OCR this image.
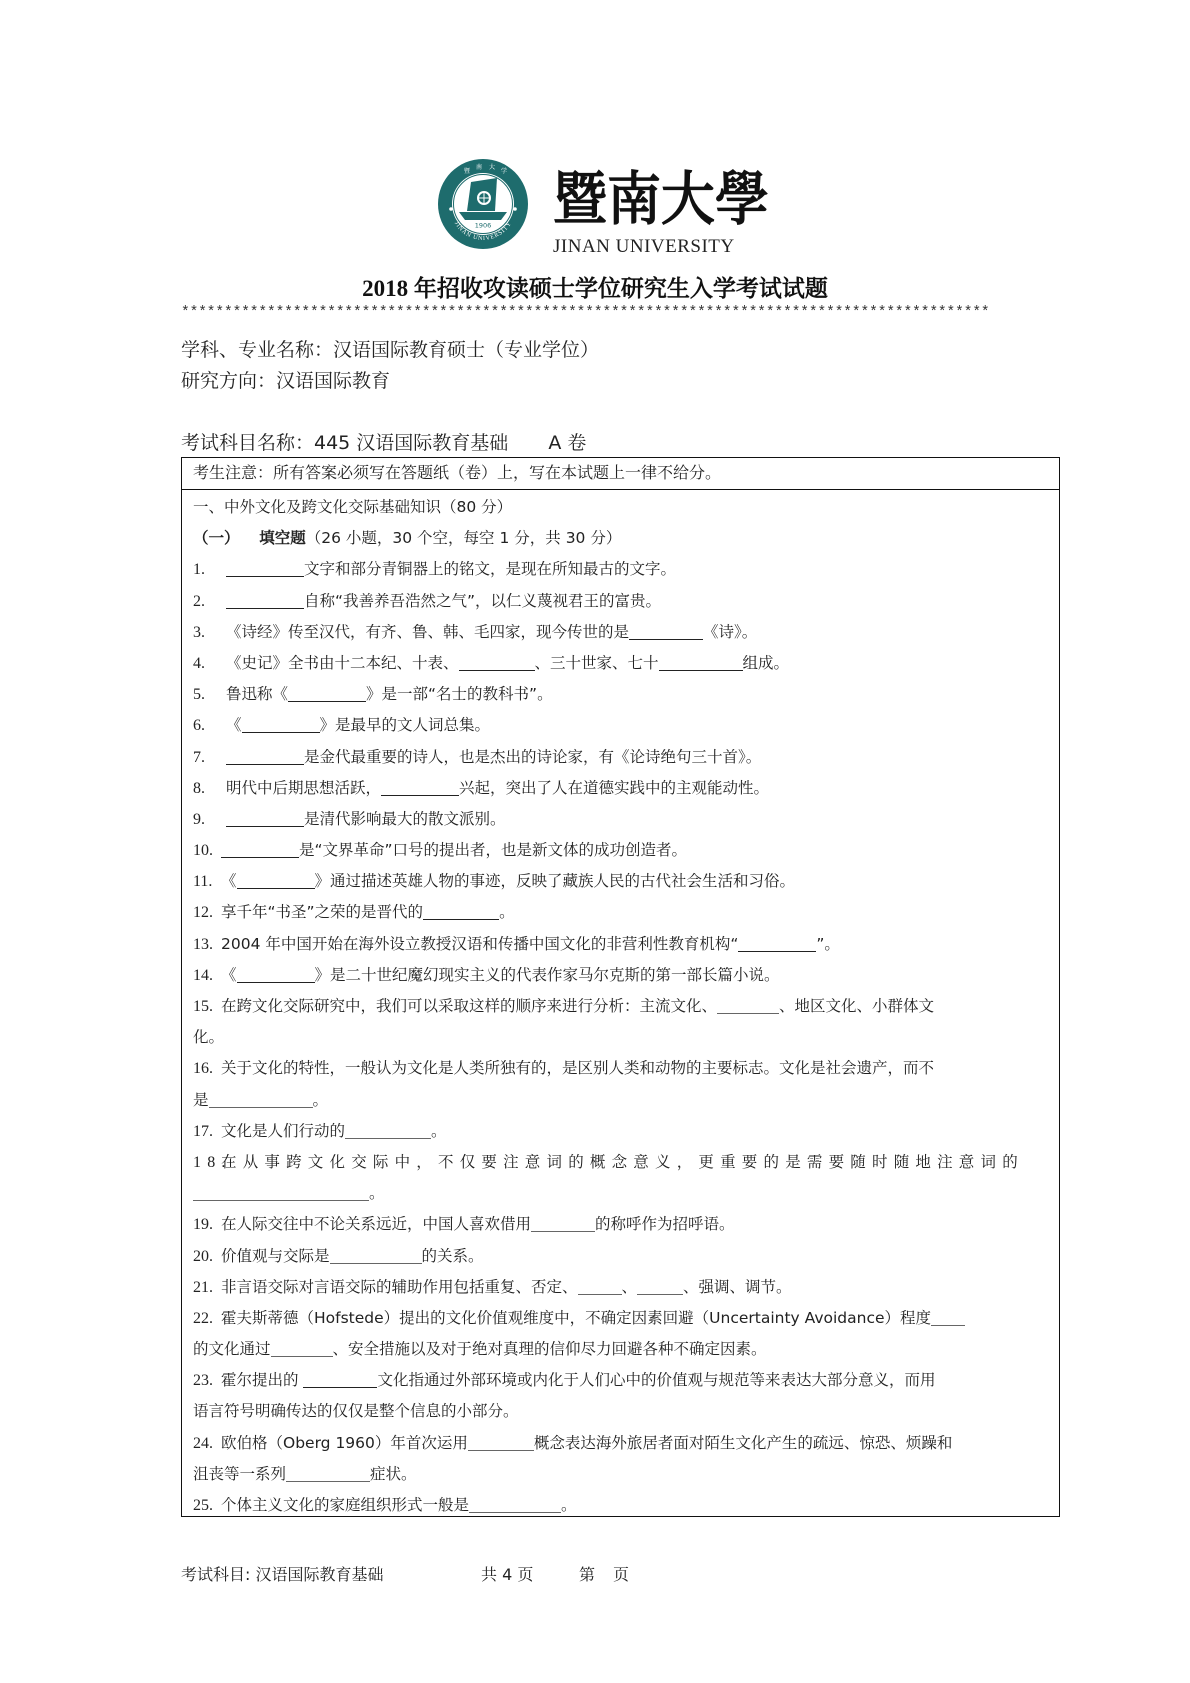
1906
JINAN UNIVERSITY
暨
南 大
学 暨南大學
JINAN UNIVERSITY
2018 年招收攻读硕士学位研究生入学考试试题
**********************************************************************************************
学科、专业名称：汉语国际教育硕士（专业学位）
研究方向：汉语国际教育
考试科目名称：445 汉语国际教育基础 A 卷
考生注意：所有答案必须写在答题纸（卷）上，写在本试题上一律不给分。
一、中外文化及跨文化交际基础知识（80 分）
（一） 填空题（26 小题，30 个空，每空 1 分，共 30 分）
1.	文字和部分青铜器上的铭文，是现在所知最古的文字。
2.	自称“我善养吾浩然之气”，以仁义蔑视君王的富贵。
3. 《诗经》传至汉代，有齐、鲁、韩、毛四家，现今传世的是	《诗》。
4. 《史记》全书由十二本纪、十表、	、三十世家、七十	组成。
5. 鲁迅称《	》是一部“名士的教科书”。
6. 《	》是最早的文人词总集。
7.	是金代最重要的诗人，也是杰出的诗论家，有《论诗绝句三十首》。
8. 明代中后期思想活跃，	兴起，突出了人在道德实践中的主观能动性。
9.	是清代影响最大的散文派别。
10.	是“文界革命”口号的提出者，也是新文体的成功创造者。
11. 《	》通过描述英雄人物的事迹，反映了藏族人民的古代社会生活和习俗。
12. 享千年“书圣”之荣的是晋代的	。
13. 2004 年中国开始在海外设立教授汉语和传播中国文化的非营利性教育机构“	”。
14. 《	》是二十世纪魔幻现实主义的代表作家马尔克斯的第一部长篇小说。
15. 在跨文化交际研究中，我们可以采取这样的顺序来进行分析：主流文化、	、地区文化、小群体文
化。
16. 关于文化的特性，一般认为文化是人类所独有的，是区别人类和动物的主要标志。文化是社会遗产，而不
是	。
17. 文化是人们行动的	。
18.在从事跨文化交际中，不仅要注意词的概念意义，更重要的是需要随时随地注意词的
。
19. 在人际交往中不论关系远近，中国人喜欢借用	的称呼作为招呼语。
20. 价值观与交际是	的关系。
21. 非言语交际对言语交际的辅助作用包括重复、否定、	、	、强调、调节。
22. 霍夫斯蒂德（Hofstede）提出的文化价值观维度中，不确定因素回避（Uncertainty Avoidance）程度
的文化通过	、安全措施以及对于绝对真理的信仰尽力回避各种不确定因素。
23. 霍尔提出的	文化指通过外部环境或内化于人们心中的价值观与规范等来表达大部分意义，而用
语言符号明确传达的仅仅是整个信息的小部分。
24. 欧伯格（Oberg 1960）年首次运用	概念表达海外旅居者面对陌生文化产生的疏远、惊恐、烦躁和
沮丧等一系列	症状。
25. 个体主义文化的家庭组织形式一般是	。
考试科目: 汉语国际教育基础	共 4 页	第 页
